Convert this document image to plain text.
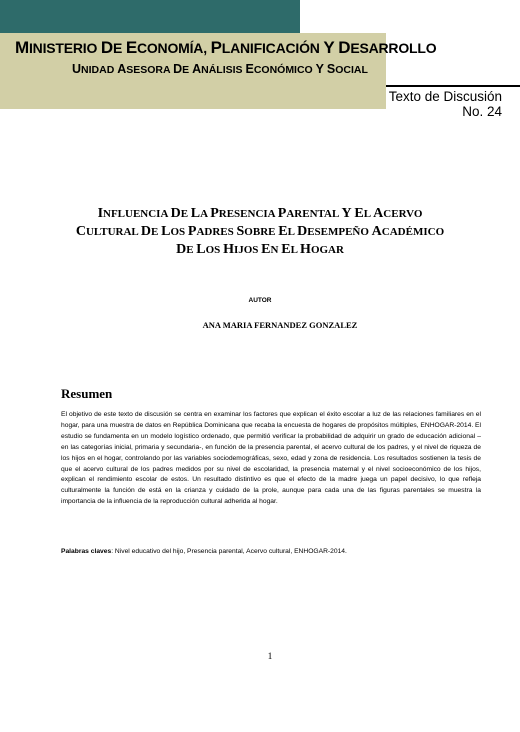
MINISTERIO DE ECONOMÍA, PLANIFICACIÓN Y DESARROLLO
UNIDAD ASESORA DE ANÁLISIS ECONÓMICO Y SOCIAL
Texto de Discusión
No. 24
INFLUENCIA DE LA PRESENCIA PARENTAL Y EL ACERVO
CULTURAL DE LOS PADRES SOBRE EL DESEMPEÑO ACADÉMICO
DE LOS HIJOS EN EL HOGAR
AUTOR
ANA MARIA FERNANDEZ GONZALEZ
Resumen
El objetivo de este texto de discusión se centra en examinar los factores que explican el éxito escolar a luz de las relaciones familiares en el hogar, para una muestra de datos en República Dominicana que recaba la encuesta de hogares de propósitos múltiples, ENHOGAR-2014. El estudio se fundamenta en un modelo logístico ordenado, que permitió verificar la probabilidad de adquirir un grado de educación adicional –en las categorías inicial, primaria y secundaria-, en función de la presencia parental, el acervo cultural de los padres, y el nivel de riqueza de los hijos en el hogar, controlando por las variables sociodemográficas, sexo, edad y zona de residencia. Los resultados sostienen la tesis de que el acervo cultural de los padres medidos por su nivel de escolaridad, la presencia maternal y el nivel socioeconómico de los hijos, explican el rendimiento escolar de estos. Un resultado distintivo es que el efecto de la madre juega un papel decisivo, lo que refleja culturalmente la función de está en la crianza y cuidado de la prole, aunque para cada una de las figuras parentales se muestra la importancia de la influencia de la reproducción cultural adherida al hogar.
Palabras claves: Nivel educativo del hijo, Presencia parental, Acervo cultural, ENHOGAR-2014.
1
